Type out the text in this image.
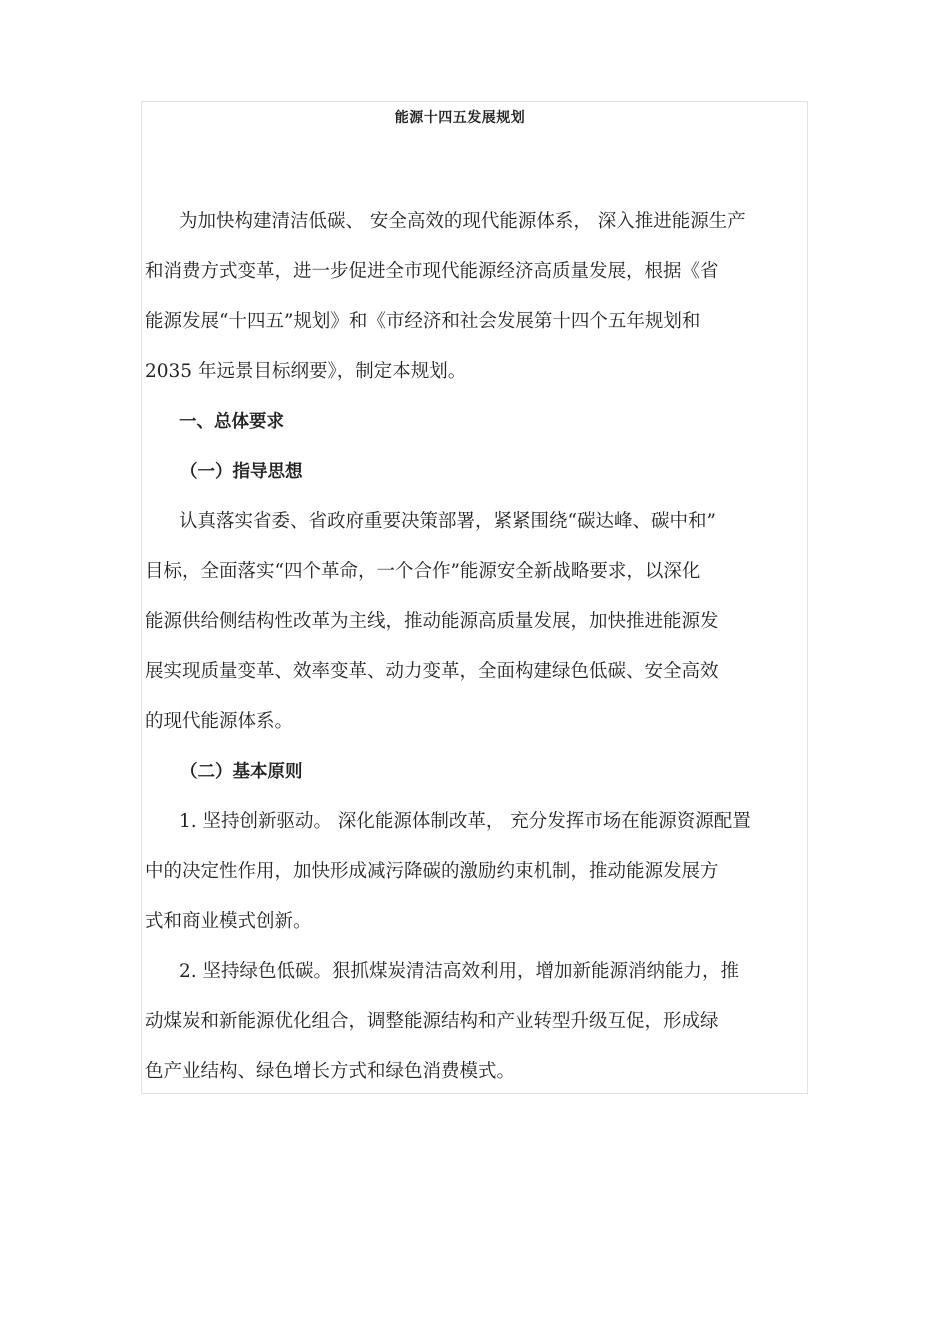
能源十四五发展规划

为加快构建清洁低碳、 安全高效的现代能源体系， 深入推进能源生产

和消费方式变革，进一步促进全市现代能源经济高质量发展，根据《省

能源发展“十四五”规划》和《市经济和社会发展第十四个五年规划和

2035 年远景目标纲要》，制定本规划。

一、总体要求

（一）指导思想

认真落实省委、省政府重要决策部署，紧紧围绕“碳达峰、碳中和”

目标，全面落实“四个革命，一个合作”能源安全新战略要求，以深化

能源供给侧结构性改革为主线，推动能源高质量发展，加快推进能源发

展实现质量变革、效率变革、动力变革，全面构建绿色低碳、安全高效

的现代能源体系。

（二）基本原则

1. 坚持创新驱动。 深化能源体制改革， 充分发挥市场在能源资源配置

中的决定性作用，加快形成减污降碳的激励约束机制，推动能源发展方

式和商业模式创新。

2. 坚持绿色低碳。狠抓煤炭清洁高效利用，增加新能源消纳能力，推

动煤炭和新能源优化组合，调整能源结构和产业转型升级互促，形成绿

色产业结构、绿色增长方式和绿色消费模式。
